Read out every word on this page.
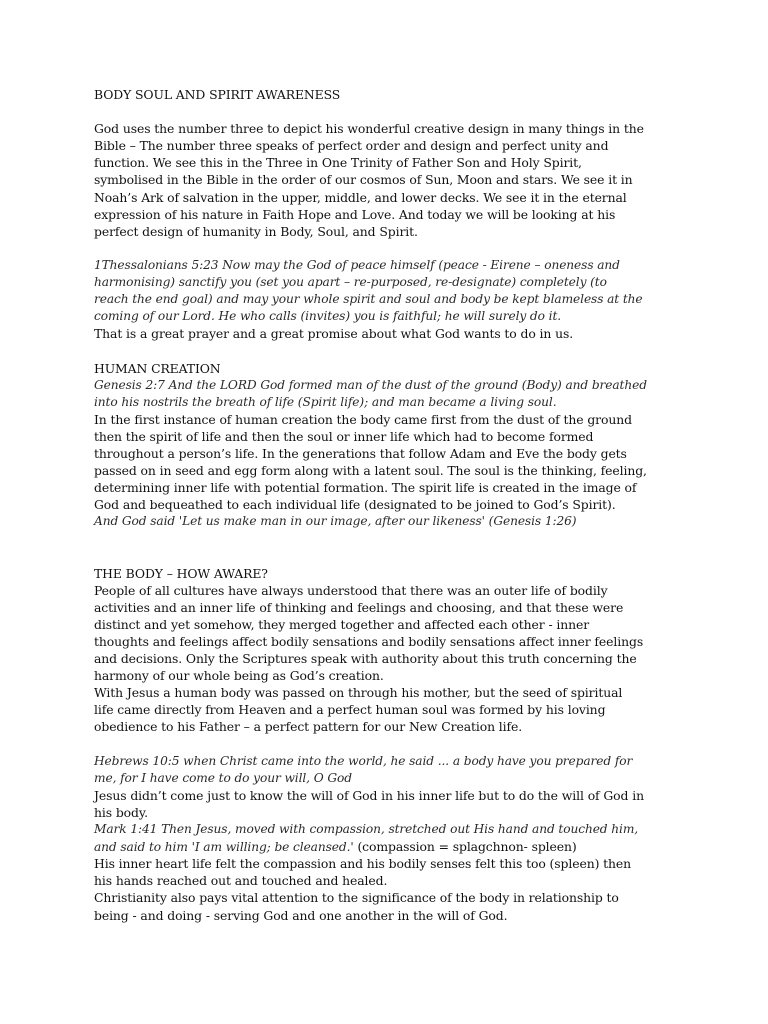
BODY SOUL AND SPIRIT AWARENESS
God uses the number three to depict his wonderful creative design in many things in the
Bible – The number three speaks of perfect order and design and perfect unity and
function. We see this in the Three in One Trinity of Father Son and Holy Spirit,
symbolised in the Bible in the order of our cosmos of Sun, Moon and stars. We see it in
Noah’s Ark of salvation in the upper, middle, and lower decks. We see it in the eternal
expression of his nature in Faith Hope and Love. And today we will be looking at his
perfect design of humanity in Body, Soul, and Spirit.
1Thessalonians 5:23 Now may the God of peace himself (peace - Eirene – oneness and
harmonising) sanctify you (set you apart – re-purposed, re-designate) completely (to
reach the end goal) and may your whole spirit and soul and body be kept blameless at the
coming of our Lord. He who calls (invites) you is faithful; he will surely do it.
That is a great prayer and a great promise about what God wants to do in us.
HUMAN CREATION
Genesis 2:7 And the LORD God formed man of the dust of the ground (Body) and breathed
into his nostrils the breath of life (Spirit life); and man became a living soul.
In the first instance of human creation the body came first from the dust of the ground
then the spirit of life and then the soul or inner life which had to become formed
throughout a person’s life. In the generations that follow Adam and Eve the body gets
passed on in seed and egg form along with a latent soul. The soul is the thinking, feeling,
determining inner life with potential formation. The spirit life is created in the image of
God and bequeathed to each individual life (designated to be joined to God’s Spirit).
And God said 'Let us make man in our image, after our likeness' (Genesis 1:26)
THE BODY – HOW AWARE?
People of all cultures have always understood that there was an outer life of bodily
activities and an inner life of thinking and feelings and choosing, and that these were
distinct and yet somehow, they merged together and affected each other - inner
thoughts and feelings affect bodily sensations and bodily sensations affect inner feelings
and decisions. Only the Scriptures speak with authority about this truth concerning the
harmony of our whole being as God’s creation.
With Jesus a human body was passed on through his mother, but the seed of spiritual
life came directly from Heaven and a perfect human soul was formed by his loving
obedience to his Father – a perfect pattern for our New Creation life.
Hebrews 10:5 when Christ came into the world, he said ... a body have you prepared for
me, for I have come to do your will, O God
Jesus didn’t come just to know the will of God in his inner life but to do the will of God in
his body.
Mark 1:41 Then Jesus, moved with compassion, stretched out His hand and touched him,
and said to him 'I am willing; be cleansed.' (compassion = splagchnon- spleen)
His inner heart life felt the compassion and his bodily senses felt this too (spleen) then
his hands reached out and touched and healed.
Christianity also pays vital attention to the significance of the body in relationship to
being - and doing - serving God and one another in the will of God.
